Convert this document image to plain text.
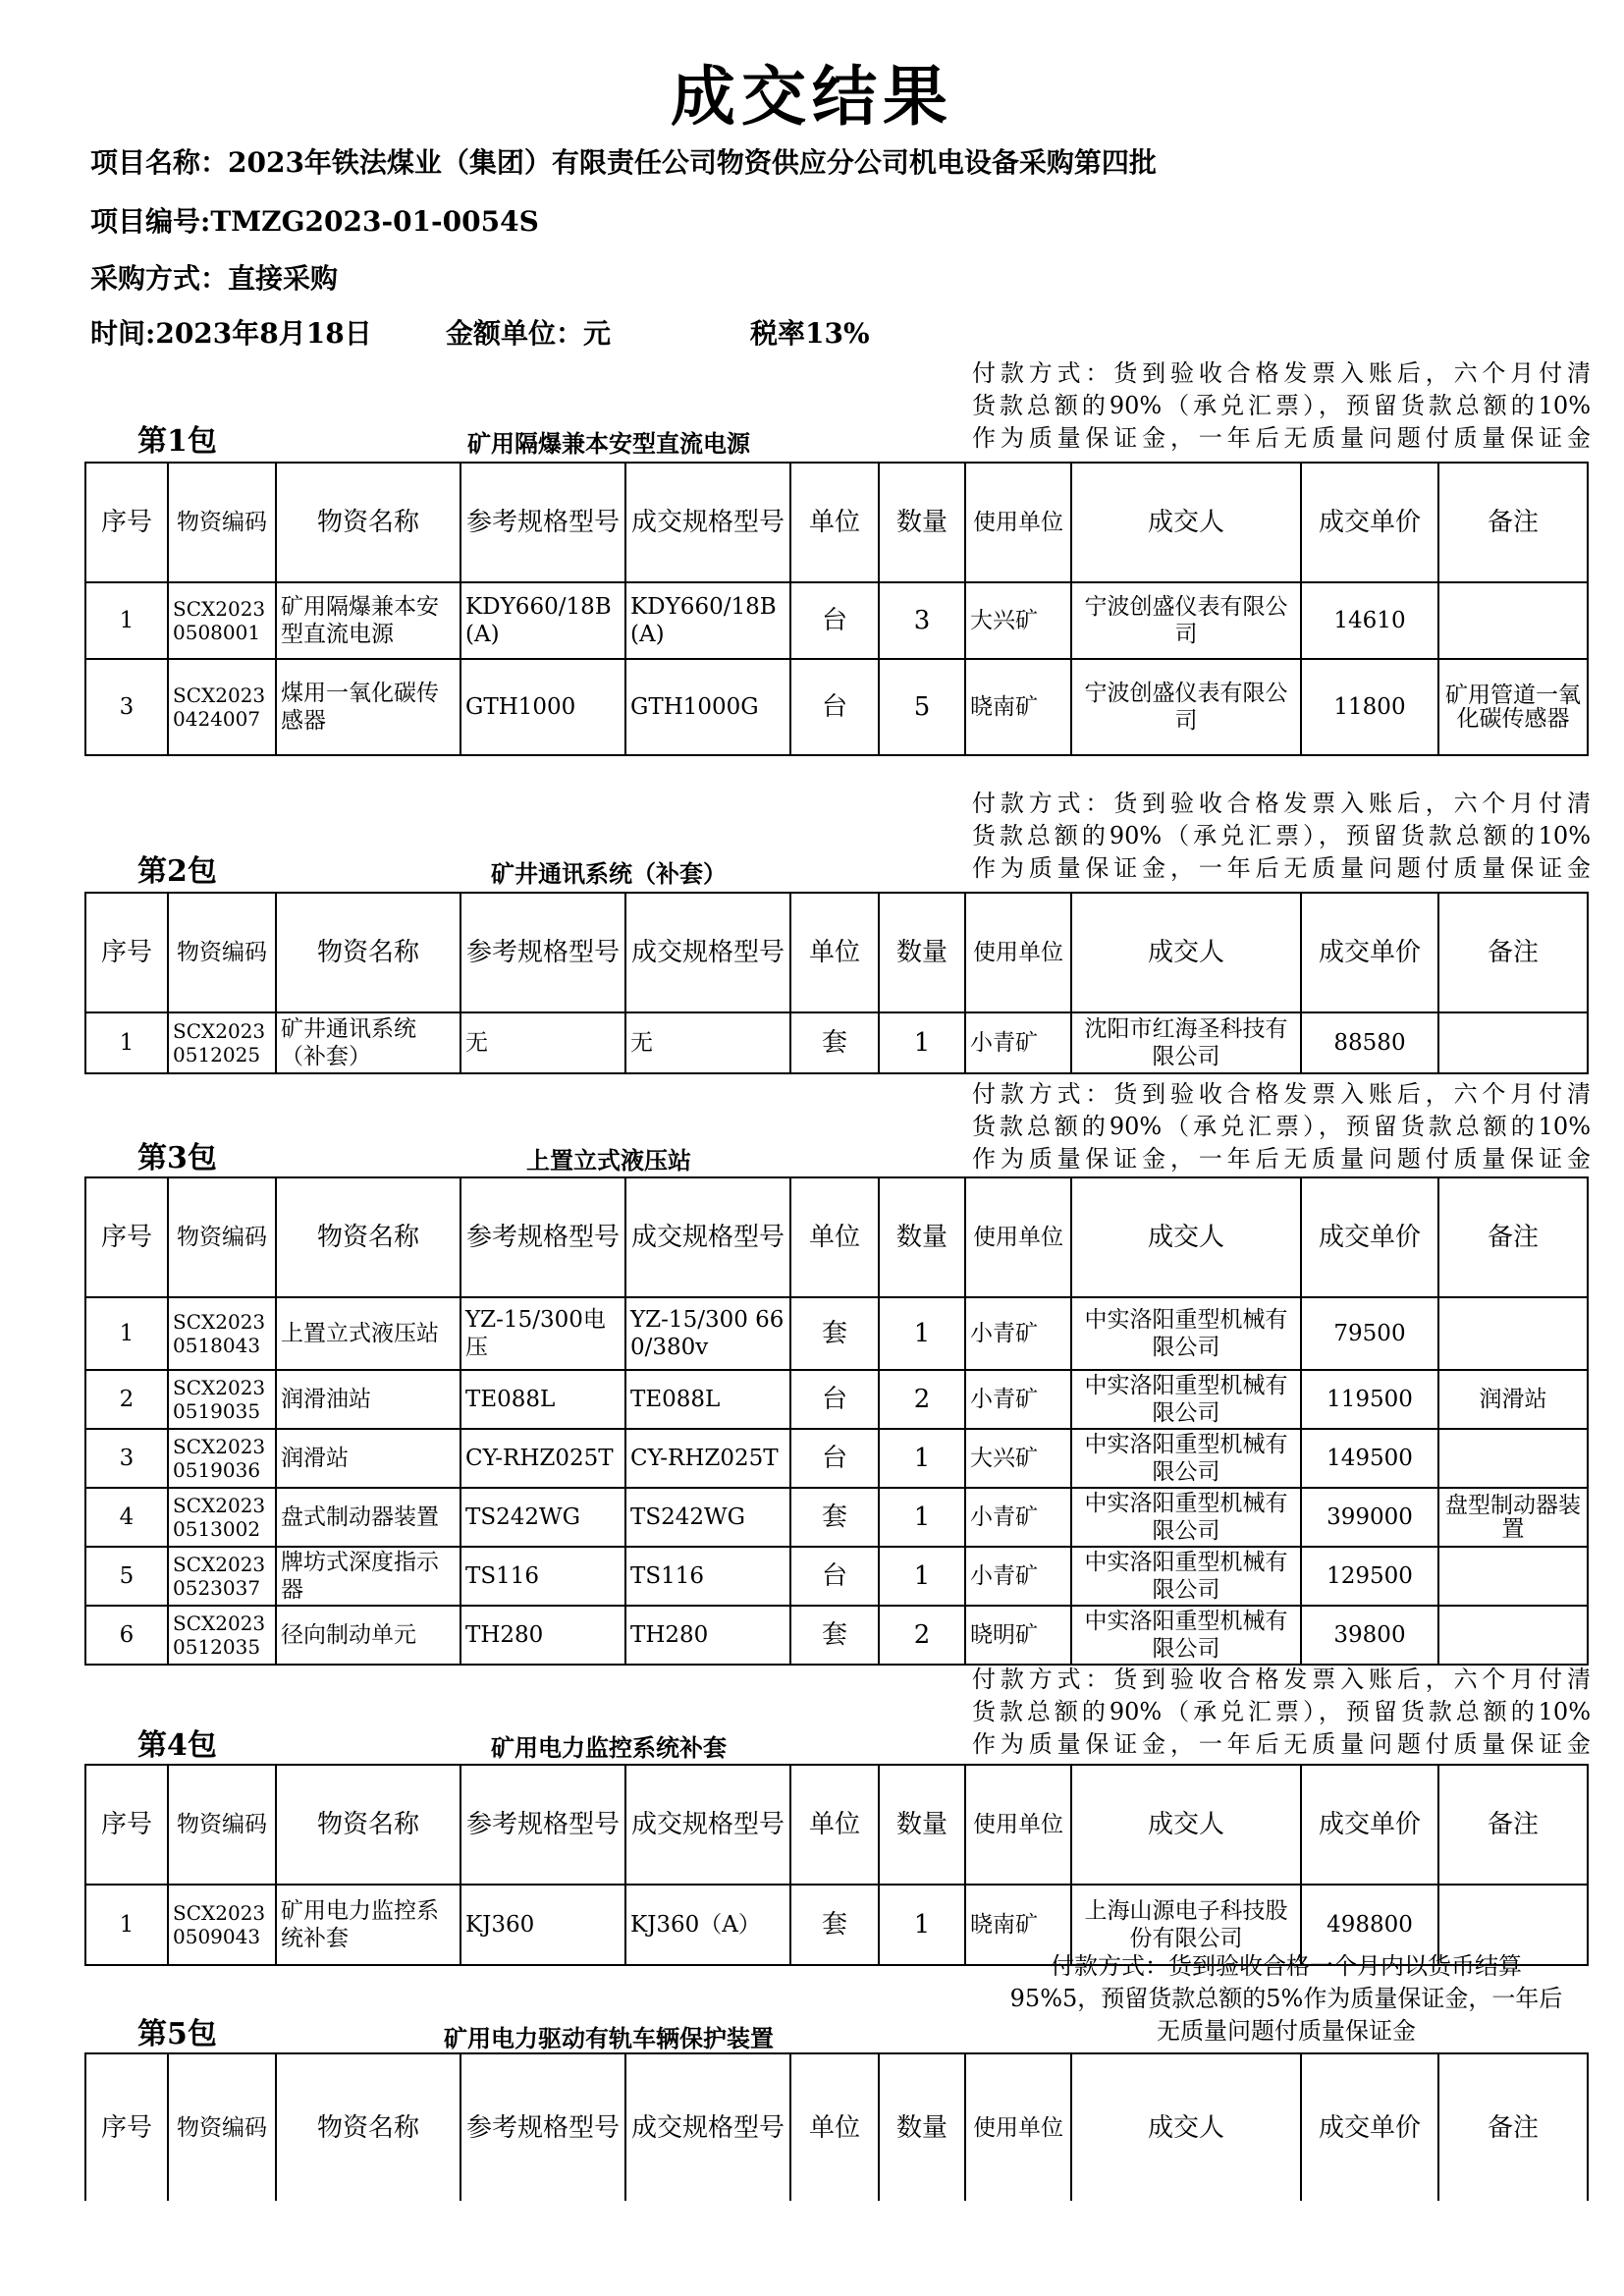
成交结果
项目名称：2023年铁法煤业（集团）有限责任公司物资供应分公司机电设备采购第四批
项目编号:TMZG2023-01-0054S
采购方式：直接采购
时间:2023年8月18日	金额单位：元	税率13%
付款方式：货到验收合格发票入账后，六个月付清
货款总额的90%（承兑汇票），预留货款总额的10%
作为质量保证金，一年后无质量问题付质量保证金
第1包	矿用隔爆兼本安型直流电源
序号	物资编码	物资名称	参考规格型号	成交规格型号	单位	数量	使用单位	成交人	成交单价	备注
1	SCX20230508001	矿用隔爆兼本安型直流电源	KDY660/18B(A)	KDY660/18B(A)	台	3	大兴矿	宁波创盛仪表有限公司	14610	
3	SCX20230424007	煤用一氧化碳传感器	GTH1000	GTH1000G	台	5	晓南矿	宁波创盛仪表有限公司	11800	矿用管道一氧化碳传感器
付款方式：货到验收合格发票入账后，六个月付清
货款总额的90%（承兑汇票），预留货款总额的10%
作为质量保证金，一年后无质量问题付质量保证金
第2包	矿井通讯系统（补套）
序号	物资编码	物资名称	参考规格型号	成交规格型号	单位	数量	使用单位	成交人	成交单价	备注
1	SCX20230512025	矿井通讯系统（补套）	无	无	套	1	小青矿	沈阳市红海圣科技有限公司	88580	
付款方式：货到验收合格发票入账后，六个月付清
货款总额的90%（承兑汇票），预留货款总额的10%
作为质量保证金，一年后无质量问题付质量保证金
第3包	上置立式液压站
序号	物资编码	物资名称	参考规格型号	成交规格型号	单位	数量	使用单位	成交人	成交单价	备注
1	SCX20230518043	上置立式液压站	YZ-15/300电压	YZ-15/300 660/380v	套	1	小青矿	中实洛阳重型机械有限公司	79500	
2	SCX20230519035	润滑油站	TE088L	TE088L	台	2	小青矿	中实洛阳重型机械有限公司	119500	润滑站
3	SCX20230519036	润滑站	CY-RHZ025T	CY-RHZ025T	台	1	大兴矿	中实洛阳重型机械有限公司	149500	
4	SCX20230513002	盘式制动器装置	TS242WG	TS242WG	套	1	小青矿	中实洛阳重型机械有限公司	399000	盘型制动器装置
5	SCX20230523037	牌坊式深度指示器	TS116	TS116	台	1	小青矿	中实洛阳重型机械有限公司	129500	
6	SCX20230512035	径向制动单元	TH280	TH280	套	2	晓明矿	中实洛阳重型机械有限公司	39800	
付款方式：货到验收合格发票入账后，六个月付清
货款总额的90%（承兑汇票），预留货款总额的10%
作为质量保证金，一年后无质量问题付质量保证金
第4包	矿用电力监控系统补套
序号	物资编码	物资名称	参考规格型号	成交规格型号	单位	数量	使用单位	成交人	成交单价	备注
1	SCX20230509043	矿用电力监控系统补套	KJ360	KJ360（A）	套	1	晓南矿	上海山源电子科技股份有限公司	498800	
付款方式：货到验收合格一个月内以货币结算
95%5，预留货款总额的5%作为质量保证金，一年后
无质量问题付质量保证金
第5包	矿用电力驱动有轨车辆保护装置
序号	物资编码	物资名称	参考规格型号	成交规格型号	单位	数量	使用单位	成交人	成交单价	备注
